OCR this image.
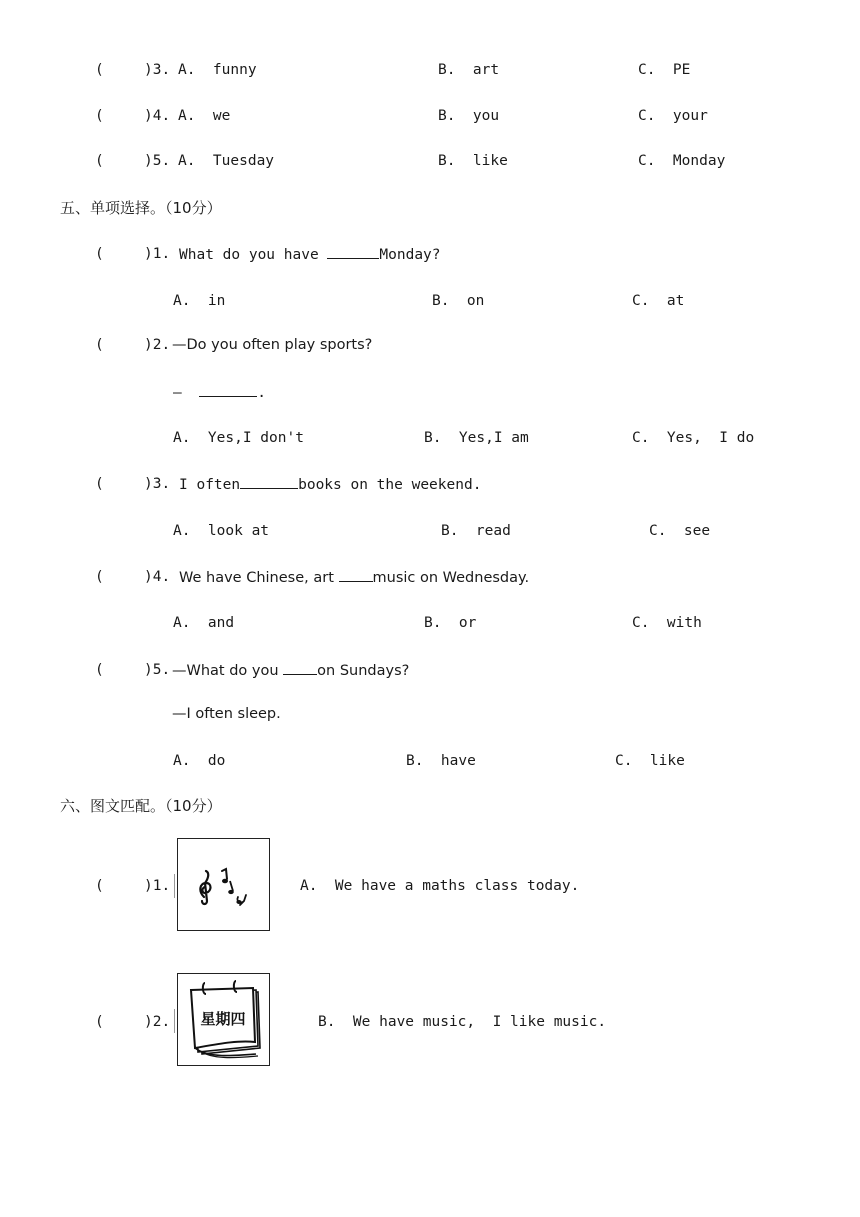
(	)3. A.  funny	B.  art	C.  PE
(	)4. A.  we	B.  you	C.  your
(	)5. A.  Tuesday	B.  like	C.  Monday
五、单项选择。（10分）
(	)1. What do you have	Monday?
A.  in	B.  on	C.  at
(	)2. —Do you often play sports?
—	.
A.  Yes,I don't	B.  Yes,I am	C.  Yes,  I do
(	)3. I often	books on the weekend.
A.  look at	B.  read	C.  see
(	)4. We have Chinese, art music on Wednesday.
A.  and	B.  or	C.  with
(	)5. —What do you on Sundays?
—I often sleep.
A.  do	B.  have	C.  like
六、图文匹配。（10分）
(	)1.	A.  We have a maths class today.
(	)2. 星期四	B.  We have music,  I like music.
